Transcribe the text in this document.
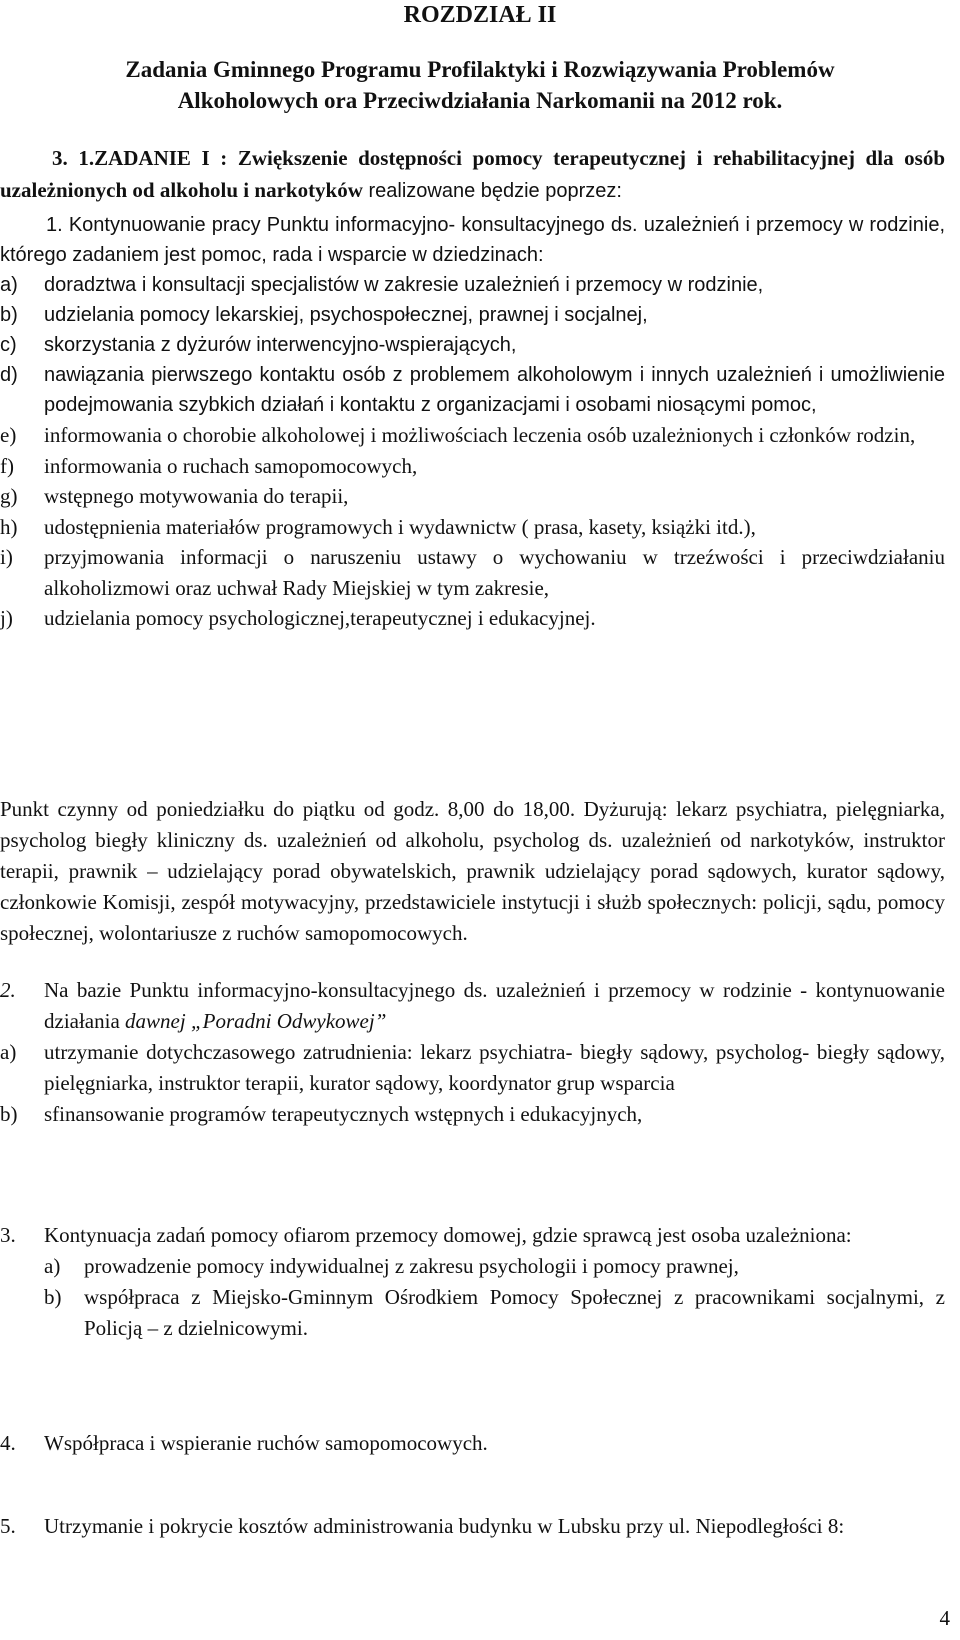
ROZDZIAŁ II
Zadania Gminnego Programu Profilaktyki i Rozwiązywania Problemów
Alkoholowych ora Przeciwdziałania Narkomanii na 2012 rok.
3. 1.ZADANIE I : Zwiększenie dostępności pomocy terapeutycznej i rehabilitacyjnej dla osób uzależnionych od alkoholu i narkotyków realizowane będzie poprzez:
1. Kontynuowanie pracy Punktu informacyjno- konsultacyjnego ds. uzależnień i przemocy w rodzinie, którego zadaniem jest pomoc, rada i wsparcie w dziedzinach:
a) doradztwa i konsultacji specjalistów w zakresie uzależnień i przemocy w rodzinie,
b) udzielania pomocy lekarskiej, psychospołecznej, prawnej i socjalnej,
c) skorzystania z dyżurów interwencyjno-wspierających,
d) nawiązania pierwszego kontaktu osób z problemem alkoholowym i innych uzależnień i umożliwienie podejmowania szybkich działań i kontaktu z organizacjami i osobami niosącymi pomoc,
e) informowania o chorobie alkoholowej i możliwościach leczenia osób uzależnionych i członków rodzin,
f) informowania o ruchach samopomocowych,
g) wstępnego motywowania do terapii,
h) udostępnienia materiałów programowych i wydawnictw ( prasa, kasety, książki itd.),
i) przyjmowania informacji o naruszeniu ustawy o wychowaniu w trzeźwości i przeciwdziałaniu alkoholizmowi oraz uchwał Rady Miejskiej w tym zakresie,
j) udzielania pomocy psychologicznej,terapeutycznej i edukacyjnej.
Punkt czynny od poniedziałku do piątku od godz. 8,00 do 18,00. Dyżurują: lekarz psychiatra, pielęgniarka, psycholog biegły kliniczny ds. uzależnień od alkoholu, psycholog ds. uzależnień od narkotyków, instruktor terapii, prawnik – udzielający porad obywatelskich, prawnik udzielający porad sądowych, kurator sądowy, członkowie Komisji, zespół motywacyjny, przedstawiciele instytucji i służb społecznych: policji, sądu, pomocy społecznej, wolontariusze z ruchów samopomocowych.
2. Na bazie Punktu informacyjno-konsultacyjnego ds. uzależnień i przemocy w rodzinie - kontynuowanie działania dawnej „Poradni Odwykowej”
a) utrzymanie dotychczasowego zatrudnienia: lekarz psychiatra- biegły sądowy, psycholog- biegły sądowy, pielęgniarka, instruktor terapii, kurator sądowy, koordynator grup wsparcia
b) sfinansowanie programów terapeutycznych wstępnych i edukacyjnych,
3. Kontynuacja zadań pomocy ofiarom przemocy domowej, gdzie sprawcą jest osoba uzależniona:
a) prowadzenie pomocy indywidualnej z zakresu psychologii i pomocy prawnej,
b) współpraca z Miejsko-Gminnym Ośrodkiem Pomocy Społecznej z pracownikami socjalnymi, z Policją – z dzielnicowymi.
4. Współpraca i wspieranie ruchów samopomocowych.
5. Utrzymanie i pokrycie kosztów administrowania budynku w Lubsku przy ul. Niepodległości 8:
4
